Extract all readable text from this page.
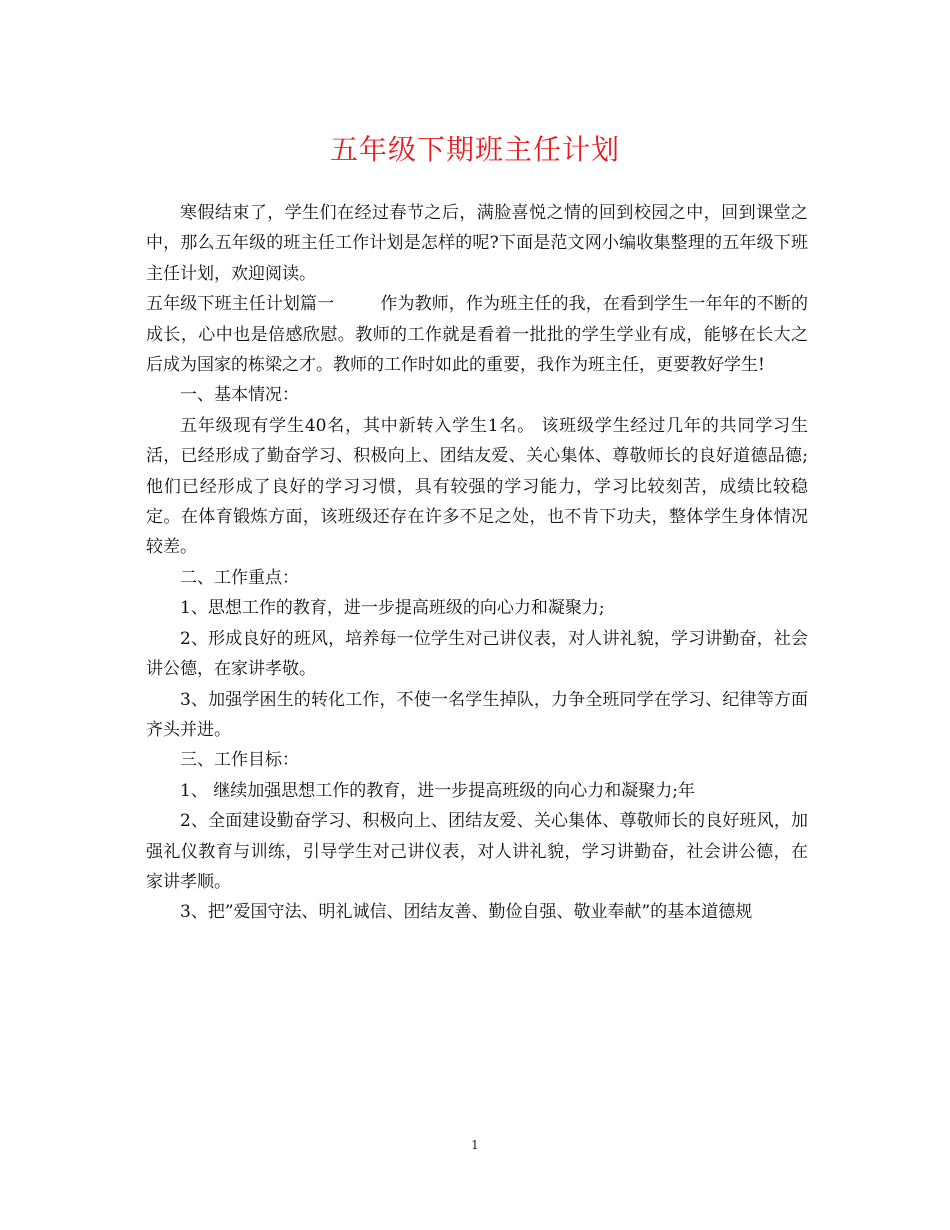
五年级下期班主任计划

寒假结束了，学生们在经过春节之后，满脸喜悦之情的回到校园之中，回到课堂之中，那么五年级的班主任工作计划是怎样的呢?下面是范文网小编收集整理的五年级下班主任计划，欢迎阅读。

五年级下班主任计划篇一	作为教师，作为班主任的我，在看到学生一年年的不断的成长，心中也是倍感欣慰。教师的工作就是看着一批批的学生学业有成，能够在长大之后成为国家的栋梁之才。教师的工作时如此的重要，我作为班主任，更要教好学生!

一、基本情况：

五年级现有学生40名，其中新转入学生1名。 该班级学生经过几年的共同学习生活，已经形成了勤奋学习、积极向上、团结友爱、关心集体、尊敬师长的良好道德品德;他们已经形成了良好的学习习惯，具有较强的学习能力，学习比较刻苦，成绩比较稳定。在体育锻炼方面，该班级还存在许多不足之处，也不肯下功夫，整体学生身体情况较差。

二、工作重点：

1、思想工作的教育，进一步提高班级的向心力和凝聚力;

2、形成良好的班风，培养每一位学生对己讲仪表，对人讲礼貌，学习讲勤奋，社会讲公德，在家讲孝敬。

3、加强学困生的转化工作，不使一名学生掉队，力争全班同学在学习、纪律等方面齐头并进。

三、工作目标：

1、 继续加强思想工作的教育，进一步提高班级的向心力和凝聚力;年

2、全面建设勤奋学习、积极向上、团结友爱、关心集体、尊敬师长的良好班风，加强礼仪教育与训练，引导学生对己讲仪表，对人讲礼貌，学习讲勤奋，社会讲公德，在家讲孝顺。

3、把”爱国守法、明礼诚信、团结友善、勤俭自强、敬业奉献”的基本道德规

1
